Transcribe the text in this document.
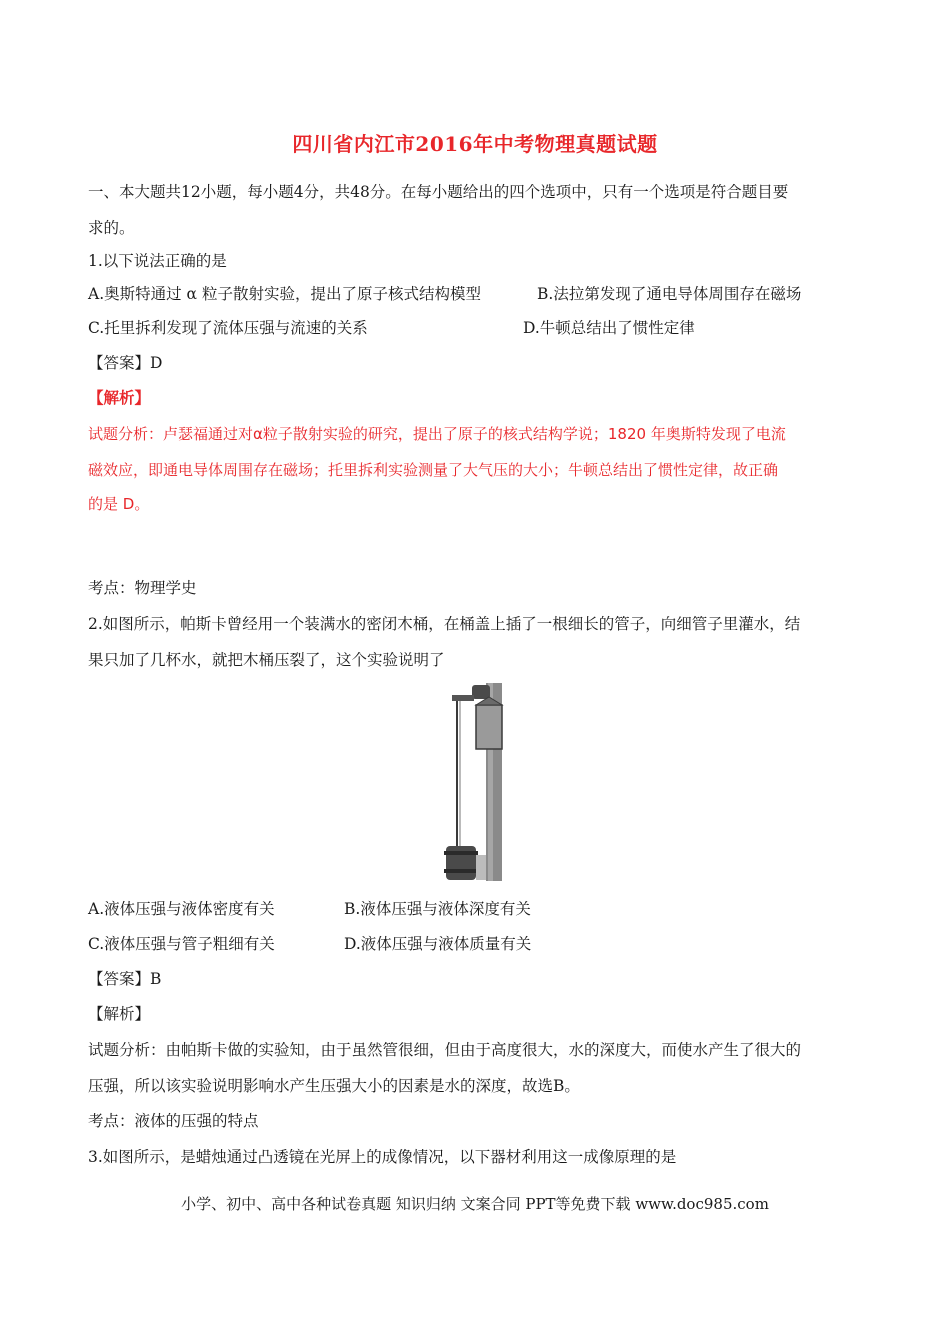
四川省内江市2016年中考物理真题试题
一、本大题共12小题，每小题4分，共48分。在每小题给出的四个选项中，只有一个选项是符合题目要
求的。
1.以下说法正确的是
A.奥斯特通过 α 粒子散射实验，提出了原子核式结构模型	B.法拉第发现了通电导体周围存在磁场
C.托里拆利发现了流体压强与流速的关系	D.牛顿总结出了惯性定律
【答案】D
【解析】
试题分析：卢瑟福通过对α粒子散射实验的研究，提出了原子的核式结构学说；1820 年奥斯特发现了电流
磁效应，即通电导体周围存在磁场；托里拆利实验测量了大气压的大小；牛顿总结出了惯性定律，故正确
的是 D。
考点：物理学史
2.如图所示，帕斯卡曾经用一个装满水的密闭木桶，在桶盖上插了一根细长的管子，向细管子里灌水，结
果只加了几杯水，就把木桶压裂了，这个实验说明了
A.液体压强与液体密度有关	B.液体压强与液体深度有关
C.液体压强与管子粗细有关	D.液体压强与液体质量有关
【答案】B
【解析】
试题分析：由帕斯卡做的实验知，由于虽然管很细，但由于高度很大，水的深度大，而使水产生了很大的
压强，所以该实验说明影响水产生压强大小的因素是水的深度，故选B。
考点：液体的压强的特点
3.如图所示，是蜡烛通过凸透镜在光屏上的成像情况，以下器材利用这一成像原理的是
小学、初中、高中各种试卷真题 知识归纳 文案合同 PPT等免费下载 www.doc985.com
